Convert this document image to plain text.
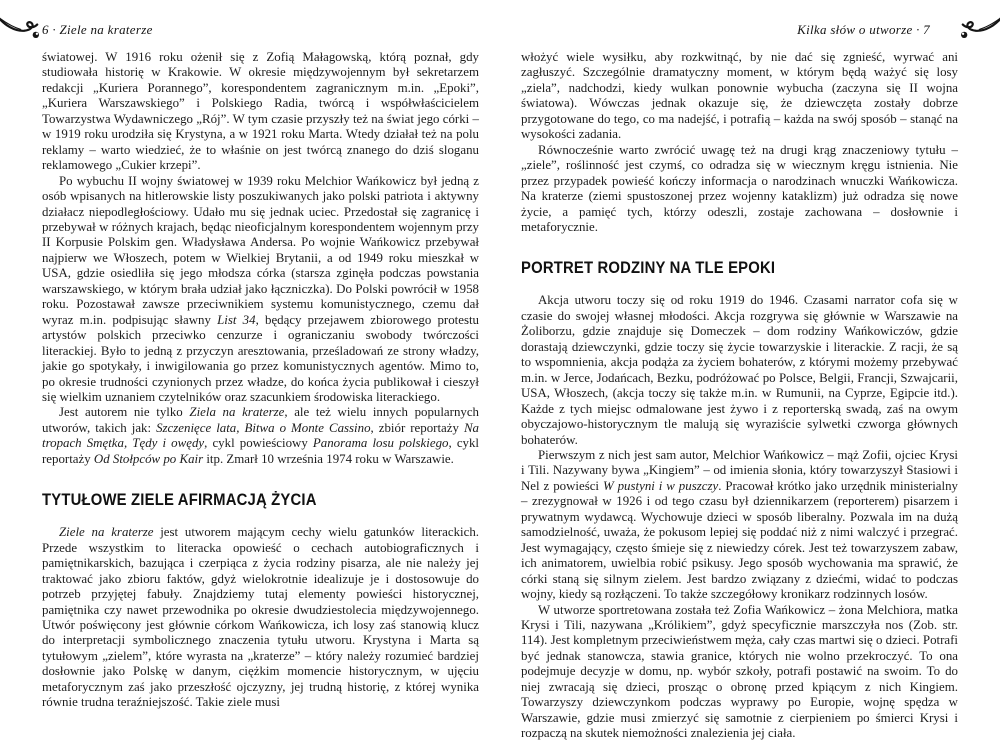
6 · Ziele na kraterze

światowej. W 1916 roku ożenił się z Zofią Małagowską, którą poznał, gdy studiowała historię w Krakowie. W okresie międzywojennym był sekretarzem redakcji „Kuriera Porannego”, korespondentem zagranicznym m.in. „Epoki”, „Kuriera Warszawskiego” i Polskiego Radia, twórcą i współwłaścicielem Towarzystwa Wydawniczego „Rój”. W tym czasie przyszły też na świat jego córki – w 1919 roku urodziła się Krystyna, a w 1921 roku Marta. Wtedy działał też na polu reklamy – warto wiedzieć, że to właśnie on jest twórcą znanego do dziś sloganu reklamowego „Cukier krzepi”.

Po wybuchu II wojny światowej w 1939 roku Melchior Wańkowicz był jedną z osób wpisanych na hitlerowskie listy poszukiwanych jako polski patriota i aktywny działacz niepodległościowy. Udało mu się jednak uciec. Przedostał się zagranicę i przebywał w różnych krajach, będąc nieoficjalnym korespondentem wojennym przy II Korpusie Polskim gen. Władysława Andersa. Po wojnie Wańkowicz przebywał najpierw we Włoszech, potem w Wielkiej Brytanii, a od 1949 roku mieszkał w USA, gdzie osiedliła się jego młodsza córka (starsza zginęła podczas powstania warszawskiego, w którym brała udział jako łączniczka). Do Polski powrócił w 1958 roku. Pozostawał zawsze przeciwnikiem systemu komunistycznego, czemu dał wyraz m.in. podpisując sławny List 34, będący przejawem zbiorowego protestu artystów polskich przeciwko cenzurze i ograniczaniu swobody twórczości literackiej. Było to jedną z przyczyn aresztowania, prześladowań ze strony władzy, jakie go spotykały, i inwigilowania go przez komunistycznych agentów. Mimo to, po okresie trudności czynionych przez władze, do końca życia publikował i cieszył się wielkim uznaniem czytelników oraz szacunkiem środowiska literackiego.

Jest autorem nie tylko Ziela na kraterze, ale też wielu innych popularnych utworów, takich jak: Szczenięce lata, Bitwa o Monte Cassino, zbiór reportaży Na tropach Smętka, Tędy i owędy, cykl powieściowy Panorama losu polskiego, cykl reportaży Od Stołpców po Kair itp. Zmarł 10 września 1974 roku w Warszawie.

TYTUŁOWE ZIELE AFIRMACJĄ ŻYCIA

Ziele na kraterze jest utworem mającym cechy wielu gatunków literackich. Przede wszystkim to literacka opowieść o cechach autobiograficznych i pamiętnikarskich, bazująca i czerpiąca z życia rodziny pisarza, ale nie należy jej traktować jako zbioru faktów, gdyż wielokrotnie idealizuje je i dostosowuje do potrzeb przyjętej fabuły. Znajdziemy tutaj elementy powieści historycznej, pamiętnika czy nawet przewodnika po okresie dwudziestolecia międzywojennego. Utwór poświęcony jest głównie córkom Wańkowicza, ich losy zaś stanowią klucz do interpretacji symbolicznego znaczenia tytułu utworu. Krystyna i Marta są tytułowym „zielem”, które wyrasta na „kraterze” – który należy rozumieć bardziej dosłownie jako Polskę w danym, ciężkim momencie historycznym, w ujęciu metaforycznym zaś jako przeszłość ojczyzny, jej trudną historię, z której wynika równie trudna teraźniejszość. Takie ziele musi

Kilka słów o utworze · 7

włożyć wiele wysiłku, aby rozkwitnąć, by nie dać się zgnieść, wyrwać ani zagłuszyć. Szczególnie dramatyczny moment, w którym będą ważyć się losy „ziela”, nadchodzi, kiedy wulkan ponownie wybucha (zaczyna się II wojna światowa). Wówczas jednak okazuje się, że dziewczęta zostały dobrze przygotowane do tego, co ma nadejść, i potrafią – każda na swój sposób – stanąć na wysokości zadania.

Równocześnie warto zwrócić uwagę też na drugi krąg znaczeniowy tytułu – „ziele”, roślinność jest czymś, co odradza się w wiecznym kręgu istnienia. Nie przez przypadek powieść kończy informacja o narodzinach wnuczki Wańkowicza. Na kraterze (ziemi spustoszonej przez wojenny kataklizm) już odradza się nowe życie, a pamięć tych, którzy odeszli, zostaje zachowana – dosłownie i metaforycznie.

PORTRET RODZINY NA TLE EPOKI

Akcja utworu toczy się od roku 1919 do 1946. Czasami narrator cofa się w czasie do swojej własnej młodości. Akcja rozgrywa się głównie w Warszawie na Żoliborzu, gdzie znajduje się Domeczek – dom rodziny Wańkowiczów, gdzie dorastają dziewczynki, gdzie toczy się życie towarzyskie i literackie. Z racji, że są to wspomnienia, akcja podąża za życiem bohaterów, z którymi możemy przebywać m.in. w Jerce, Jodańcach, Bezku, podróżować po Polsce, Belgii, Francji, Szwajcarii, USA, Włoszech, (akcja toczy się także m.in. w Rumunii, na Cyprze, Egipcie itd.). Każde z tych miejsc odmalowane jest żywo i z reporterską swadą, zaś na owym obyczajowo-historycznym tle malują się wyraziście sylwetki czworga głównych bohaterów.

Pierwszym z nich jest sam autor, Melchior Wańkowicz – mąż Zofii, ojciec Krysi i Tili. Nazywany bywa „Kingiem” – od imienia słonia, który towarzyszył Stasiowi i Nel z powieści W pustyni i w puszczy. Pracował krótko jako urzędnik ministerialny – zrezygnował w 1926 i od tego czasu był dziennikarzem (reporterem) pisarzem i prywatnym wydawcą. Wychowuje dzieci w sposób liberalny. Pozwala im na dużą samodzielność, uważa, że pokusom lepiej się poddać niż z nimi walczyć i przegrać. Jest wymagający, często śmieje się z niewiedzy córek. Jest też towarzyszem zabaw, ich animatorem, uwielbia robić psikusy. Jego sposób wychowania ma sprawić, że córki staną się silnym zielem. Jest bardzo związany z dziećmi, widać to podczas wojny, kiedy są rozłączeni. To także szczegółowy kronikarz rodzinnych losów.

W utworze sportretowana została też Zofia Wańkowicz – żona Melchiora, matka Krysi i Tili, nazywana „Królikiem”, gdyż specyficznie marszczyła nos (Zob. str. 114). Jest kompletnym przeciwieństwem męża, cały czas martwi się o dzieci. Potrafi być jednak stanowcza, stawia granice, których nie wolno przekroczyć. To ona podejmuje decyzje w domu, np. wybór szkoły, potrafi postawić na swoim. To do niej zwracają się dzieci, prosząc o obronę przed kpiącym z nich Kingiem. Towarzyszy dziewczynkom podczas wyprawy po Europie, wojnę spędza w Warszawie, gdzie musi zmierzyć się samotnie z cierpieniem po śmierci Krysi i rozpaczą na skutek niemożności znalezienia jej ciała.
